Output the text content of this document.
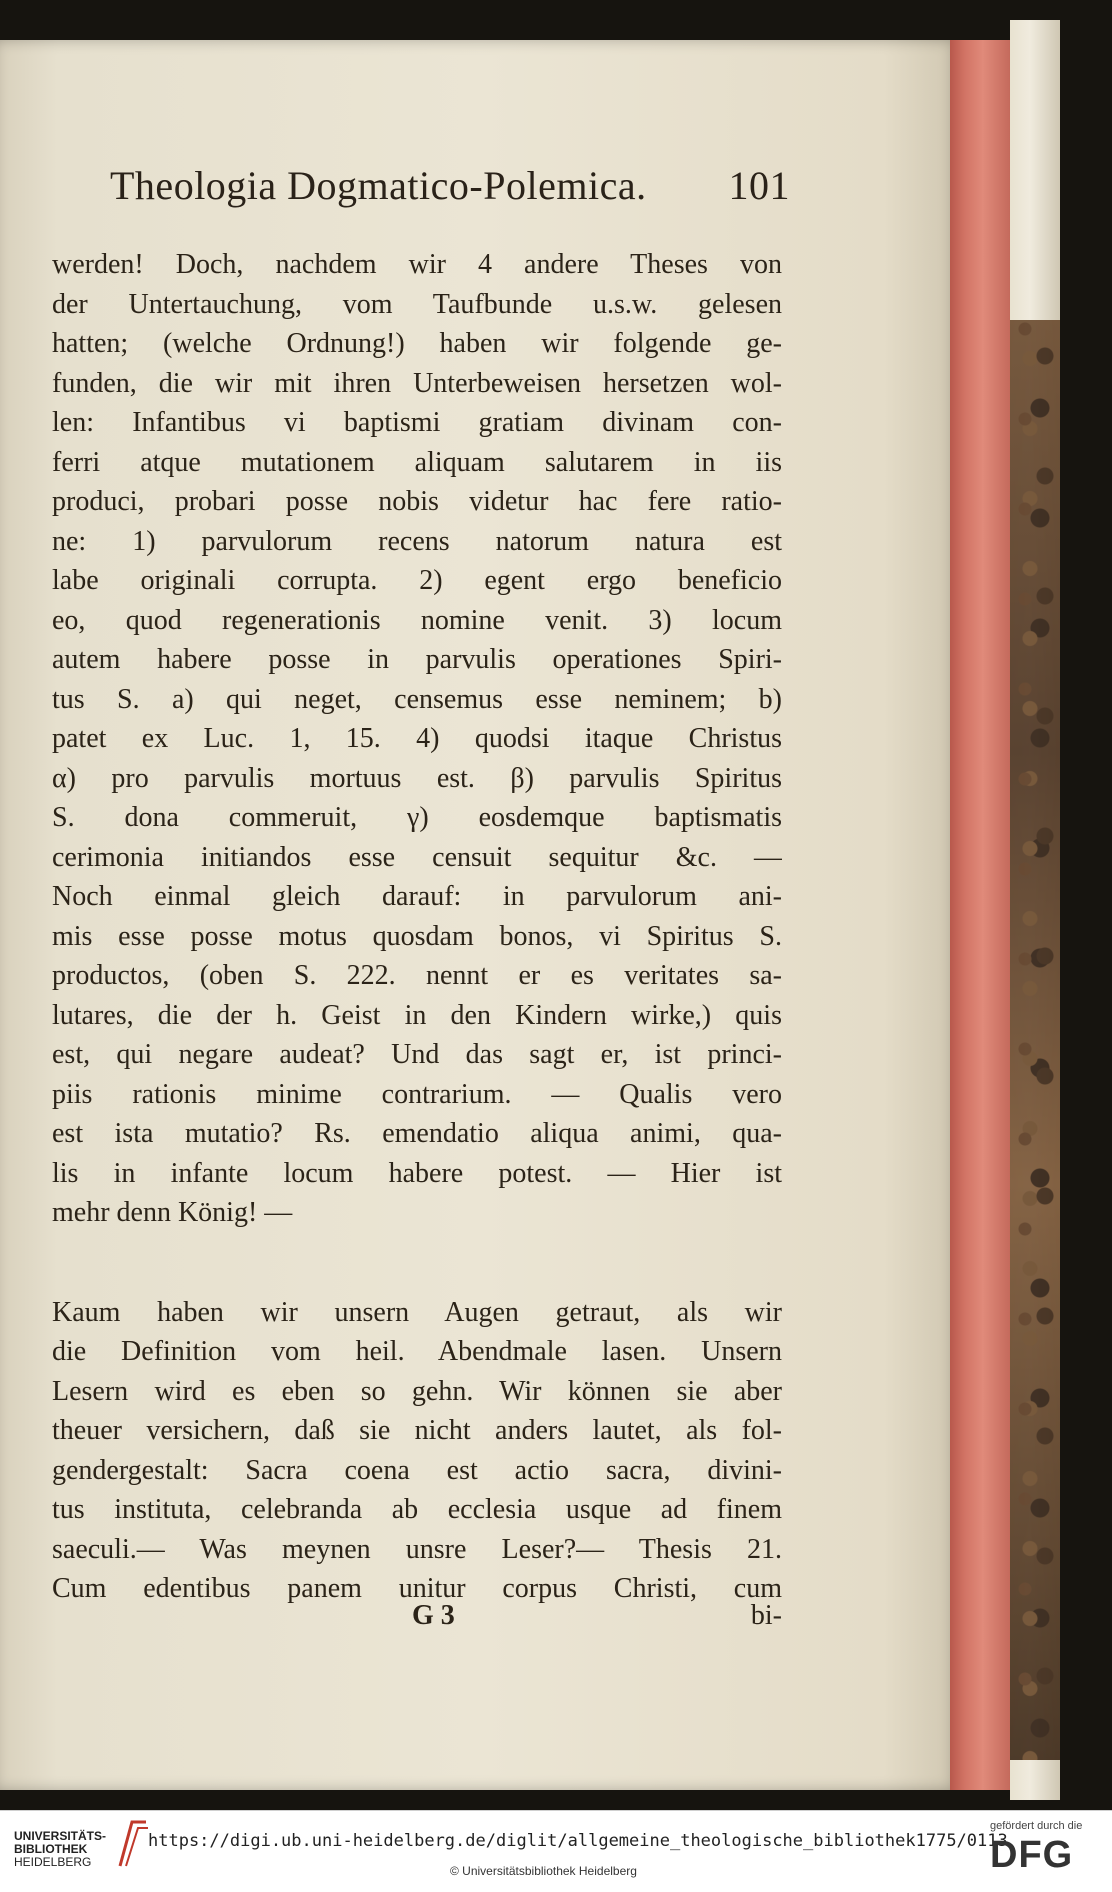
Theologia Dogmatico-Polemica. 101
werden! Doch, nachdem wir 4 andere Theses von
der Untertauchung, vom Taufbunde u.s.w. gelesen
hatten; (welche Ordnung!) haben wir folgende ge-
funden, die wir mit ihren Unterbeweisen hersetzen wol-
len: Infantibus vi baptismi gratiam divinam con-
ferri atque mutationem aliquam salutarem in iis
produci, probari posse nobis videtur hac fere ratio-
ne: 1) parvulorum recens natorum natura est
labe originali corrupta. 2) egent ergo beneficio
eo, quod regenerationis nomine venit. 3) locum
autem habere posse in parvulis operationes Spiri-
tus S. a) qui neget, censemus esse neminem; b)
patet ex Luc. 1, 15. 4) quodsi itaque Christus
α) pro parvulis mortuus est. β) parvulis Spiritus
S. dona commeruit, γ) eosdemque baptismatis
cerimonia initiandos esse censuit sequitur &c. —
Noch einmal gleich darauf: in parvulorum ani-
mis esse posse motus quosdam bonos, vi Spiritus S.
productos, (oben S. 222. nennt er es veritates sa-
lutares, die der h. Geist in den Kindern wirke,) quis
est, qui negare audeat? Und das sagt er, ist princi-
piis rationis minime contrarium. — Qualis vero
est ista mutatio? Rs. emendatio aliqua animi, qua-
lis in infante locum habere potest. — Hier ist
mehr denn König! —
Kaum haben wir unsern Augen getraut, als wir
die Definition vom heil. Abendmale lasen. Unsern
Lesern wird es eben so gehn. Wir können sie aber
theuer versichern, daß sie nicht anders lautet, als fol-
gendergestalt: Sacra coena est actio sacra, divini-
tus instituta, celebranda ab ecclesia usque ad finem
saeculi.— Was meynen unsre Leser?— Thesis 21.
Cum edentibus panem unitur corpus Christi, cum
G 3	bi-
UNIVERSITÄTS-
BIBLIOTHEK
HEIDELBERG
https://digi.ub.uni-heidelberg.de/diglit/allgemeine_theologische_bibliothek1775/0113
© Universitätsbibliothek Heidelberg
gefördert durch die
DFG
